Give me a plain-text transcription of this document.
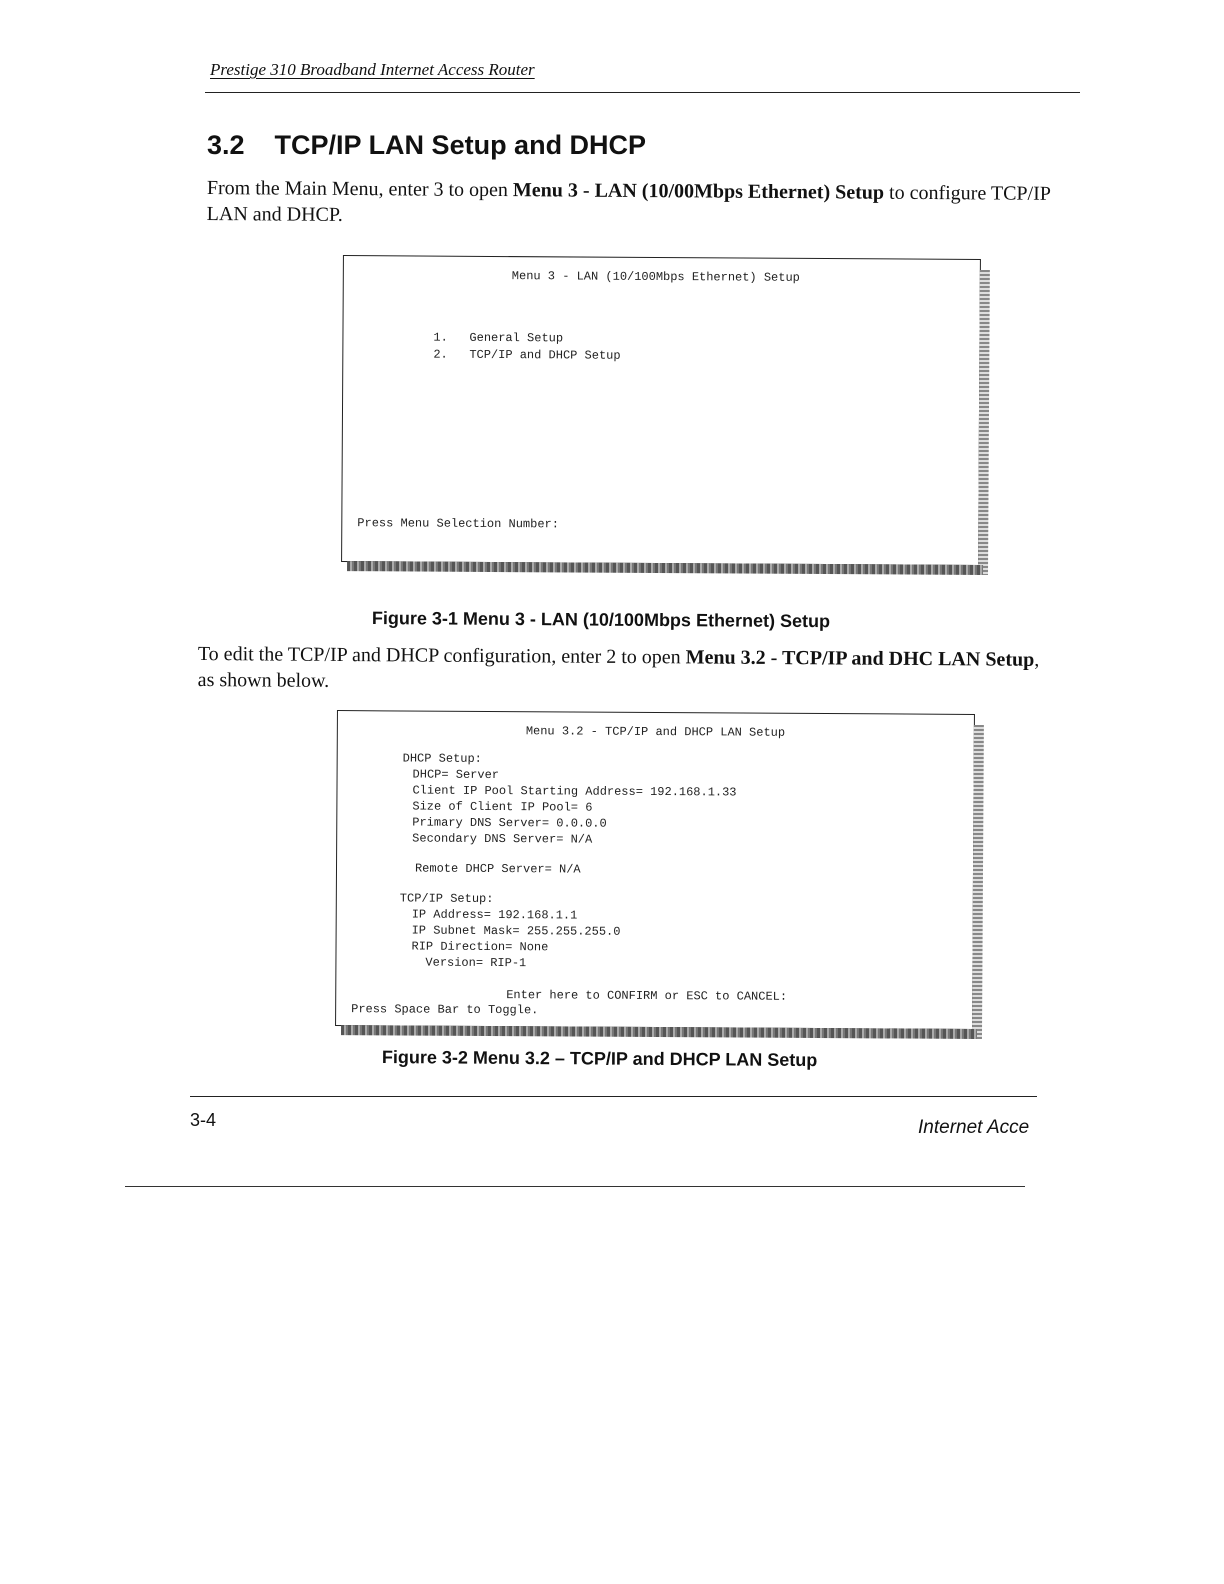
Prestige 310 Broadband Internet Access Router
3.2    TCP/IP LAN Setup and DHCP
From the Main Menu, enter 3 to open Menu 3 - LAN (10/00Mbps Ethernet) Setup to configure TCP/IP LAN and DHCP.
Menu 3 - LAN (10/100Mbps Ethernet) Setup
1.   General Setup
2.   TCP/IP and DHCP Setup
Press Menu Selection Number:
Figure 3-1 Menu 3 - LAN (10/100Mbps Ethernet) Setup
To edit the TCP/IP and DHCP configuration, enter 2 to open Menu 3.2 - TCP/IP and DHC LAN Setup, as shown below.
Menu 3.2 - TCP/IP and DHCP LAN Setup
DHCP Setup:
DHCP= Server
Client IP Pool Starting Address= 192.168.1.33
Size of Client IP Pool= 6
Primary DNS Server= 0.0.0.0
Secondary DNS Server= N/A
Remote DHCP Server= N/A
TCP/IP Setup:
IP Address= 192.168.1.1
IP Subnet Mask= 255.255.255.0
RIP Direction= None
Version= RIP-1
Enter here to CONFIRM or ESC to CANCEL:
Press Space Bar to Toggle.
Figure 3-2 Menu 3.2 – TCP/IP and DHCP LAN Setup
3-4	Internet Acce
